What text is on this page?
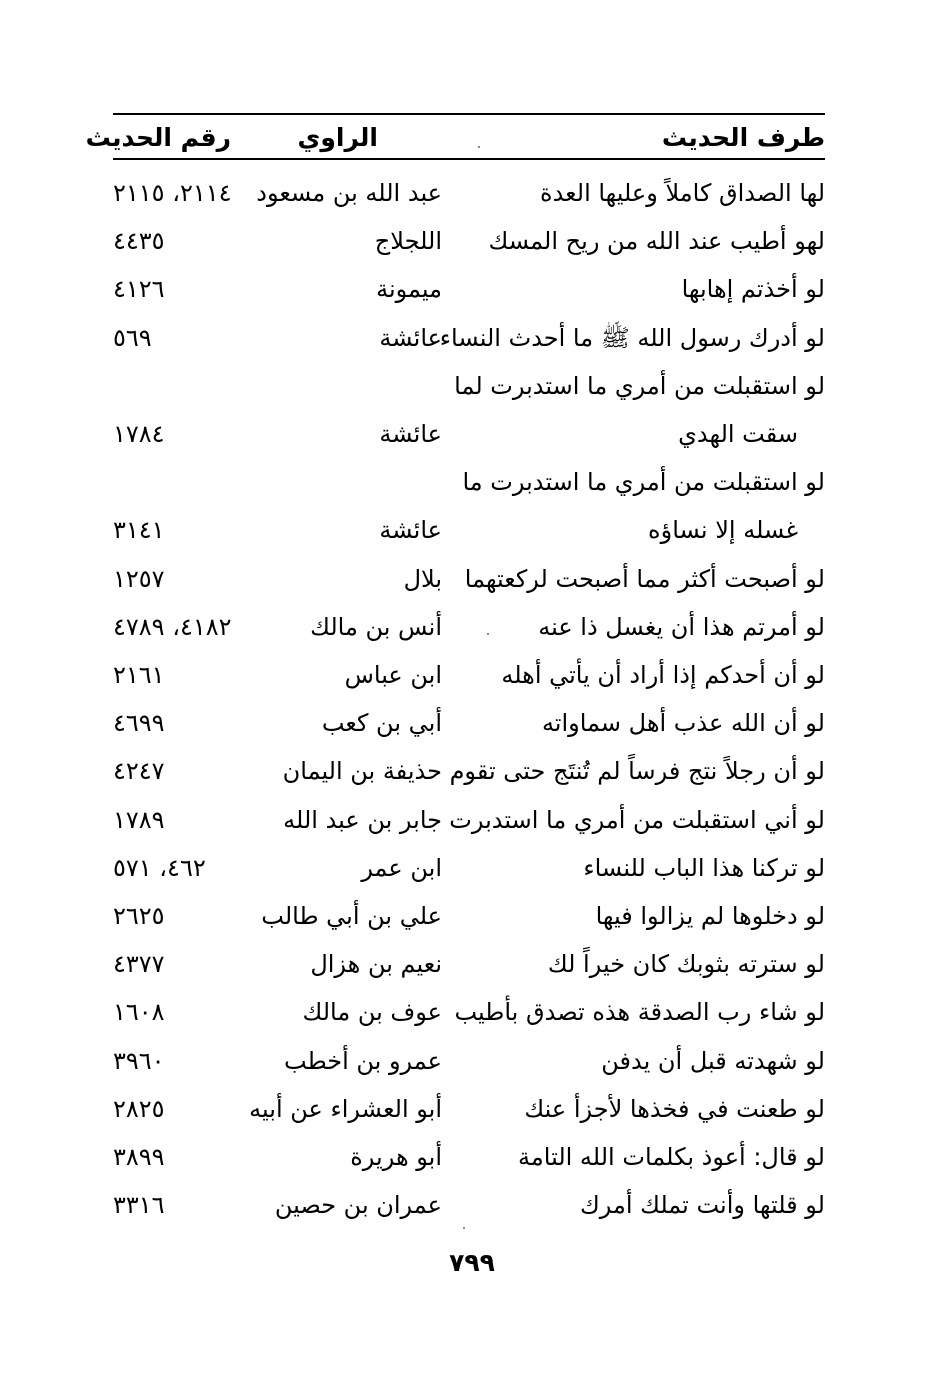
طرف الحديث
الراوي
رقم الحديث
لها الصداق كاملاً وعليها العدة
عبد الله بن مسعود
٢١١٤، ٢١١٥
لهو أطيب عند الله من ريح المسك
اللجلاج
٤٤٣٥
لو أخذتم إهابها
ميمونة
٤١٢٦
لو أدرك رسول الله ﷺ ما أحدث النساء
عائشة
٥٦٩
لو استقبلت من أمري ما استدبرت لما
سقت الهدي
عائشة
١٧٨٤
لو استقبلت من أمري ما استدبرت ما
غسله إلا نساؤه
عائشة
٣١٤١
لو أصبحت أكثر مما أصبحت لركعتهما
بلال
١٢٥٧
لو أمرتم هذا أن يغسل ذا عنه
أنس بن مالك
٤١٨٢، ٤٧٨٩
لو أن أحدكم إذا أراد أن يأتي أهله
ابن عباس
٢١٦١
لو أن الله عذب أهل سماواته
أبي بن كعب
٤٦٩٩
لو أن رجلاً نتج فرساً لم تُنتَج حتى تقوم
حذيفة بن اليمان
٤٢٤٧
لو أني استقبلت من أمري ما استدبرت
جابر بن عبد الله
١٧٨٩
لو تركنا هذا الباب للنساء
ابن عمر
٤٦٢، ٥٧١
لو دخلوها لم يزالوا فيها
علي بن أبي طالب
٢٦٢٥
لو سترته بثوبك كان خيراً لك
نعيم بن هزال
٤٣٧٧
لو شاء رب الصدقة هذه تصدق بأطيب
عوف بن مالك
١٦٠٨
لو شهدته قبل أن يدفن
عمرو بن أخطب
٣٩٦٠
لو طعنت في فخذها لأجزأ عنك
أبو العشراء عن أبيه
٢٨٢٥
لو قال: أعوذ بكلمات الله التامة
أبو هريرة
٣٨٩٩
لو قلتها وأنت تملك أمرك
عمران بن حصين
٣٣١٦
٧٩٩
